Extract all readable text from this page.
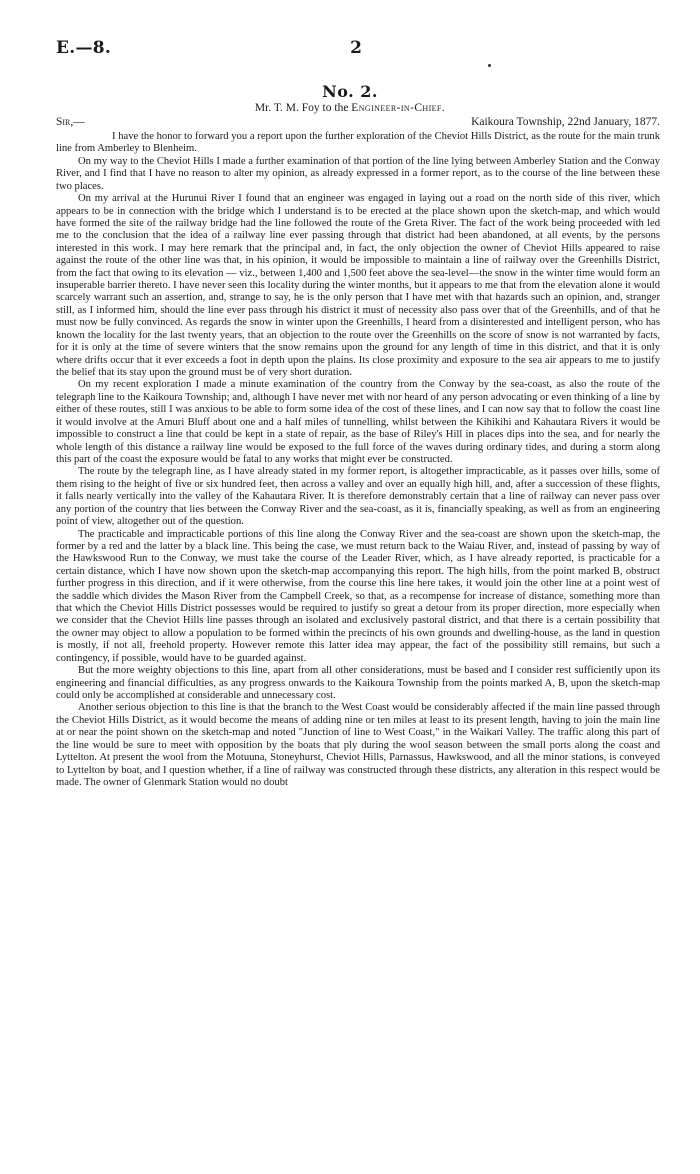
E.—8.	2
No. 2.
Mr. T. M. Foy to the Engineer-in-Chief.
Sir,—	Kaikoura Township, 22nd January, 1877.

I have the honor to forward you a report upon the further exploration of the Cheviot Hills District, as the route for the main trunk line from Amberley to Blenheim.

On my way to the Cheviot Hills I made a further examination of that portion of the line lying between Amberley Station and the Conway River, and I find that I have no reason to alter my opinion, as already expressed in a former report, as to the course of the line between these two places.

On my arrival at the Hurunui River I found that an engineer was engaged in laying out a road on the north side of this river, which appears to be in connection with the bridge which I understand is to be erected at the place shown upon the sketch-map, and which would have formed the site of the railway bridge had the line followed the route of the Greta River. The fact of the work being proceeded with led me to the conclusion that the idea of a railway line ever passing through that district had been abandoned, at all events, by the persons interested in this work. I may here remark that the principal and, in fact, the only objection the owner of Cheviot Hills appeared to raise against the route of the other line was that, in his opinion, it would be impossible to maintain a line of railway over the Greenhills District, from the fact that owing to its elevation — viz., between 1,400 and 1,500 feet above the sea-level—the snow in the winter time would form an insuperable barrier thereto. I have never seen this locality during the winter months, but it appears to me that from the elevation alone it would scarcely warrant such an assertion, and, strange to say, he is the only person that I have met with that hazards such an opinion, and, stranger still, as I informed him, should the line ever pass through his district it must of necessity also pass over that of the Greenhills, and of that he must now be fully convinced. As regards the snow in winter upon the Greenhills, I heard from a disinterested and intelligent person, who has known the locality for the last twenty years, that an objection to the route over the Greenhills on the score of snow is not warranted by facts, for it is only at the time of severe winters that the snow remains upon the ground for any length of time in this district, and that it is only where drifts occur that it ever exceeds a foot in depth upon the plains. Its close proximity and exposure to the sea air appears to me to justify the belief that its stay upon the ground must be of very short duration.

On my recent exploration I made a minute examination of the country from the Conway by the sea-coast, as also the route of the telegraph line to the Kaikoura Township; and, although I have never met with nor heard of any person advocating or even thinking of a line by either of these routes, still I was anxious to be able to form some idea of the cost of these lines, and I can now say that to follow the coast line it would involve at the Amuri Bluff about one and a half miles of tunnelling, whilst between the Kihikihi and Kahautara Rivers it would be impossible to construct a line that could be kept in a state of repair, as the base of Riley's Hill in places dips into the sea, and for nearly the whole length of this distance a railway line would be exposed to the full force of the waves during ordinary tides, and during a storm along this part of the coast the exposure would be fatal to any works that might ever be constructed.

The route by the telegraph line, as I have already stated in my former report, is altogether impracticable, as it passes over hills, some of them rising to the height of five or six hundred feet, then across a valley and over an equally high hill, and, after a succession of these flights, it falls nearly vertically into the valley of the Kahautara River. It is therefore demonstrably certain that a line of railway can never pass over any portion of the country that lies between the Conway River and the sea-coast, as it is, financially speaking, as well as from an engineering point of view, altogether out of the question.

The practicable and impracticable portions of this line along the Conway River and the sea-coast are shown upon the sketch-map, the former by a red and the latter by a black line. This being the case, we must return back to the Waiau River, and, instead of passing by way of the Hawkswood Run to the Conway, we must take the course of the Leader River, which, as I have already reported, is practicable for a certain distance, which I have now shown upon the sketch-map accompanying this report. The high hills, from the point marked B, obstruct further progress in this direction, and if it were otherwise, from the course this line here takes, it would join the other line at a point west of the saddle which divides the Mason River from the Campbell Creek, so that, as a recompense for increase of distance, something more than that which the Cheviot Hills District possesses would be required to justify so great a detour from its proper direction, more especially when we consider that the Cheviot Hills line passes through an isolated and exclusively pastoral district, and that there is a certain possibility that the owner may object to allow a population to be formed within the precincts of his own grounds and dwelling-house, as the land in question is mostly, if not all, freehold property. However remote this latter idea may appear, the fact of the possibility still remains, but such a contingency, if possible, would have to be guarded against.

But the more weighty objections to this line, apart from all other considerations, must be based and I consider rest sufficiently upon its engineering and financial difficulties, as any progress onwards to the Kaikoura Township from the points marked A, B, upon the sketch-map could only be accomplished at considerable and unnecessary cost.

Another serious objection to this line is that the branch to the West Coast would be considerably affected if the main line passed through the Cheviot Hills District, as it would become the means of adding nine or ten miles at least to its present length, having to join the main line at or near the point shown on the sketch-map and noted "Junction of line to West Coast," in the Waikari Valley. The traffic along this part of the line would be sure to meet with opposition by the boats that ply during the wool season between the small ports along the coast and Lyttelton. At present the wool from the Motuuna, Stoneyhurst, Cheviot Hills, Parnassus, Hawkswood, and all the minor stations, is conveyed to Lyttelton by boat, and I question whether, if a line of railway was constructed through these districts, any alteration in this respect would be made. The owner of Glenmark Station would no doubt
